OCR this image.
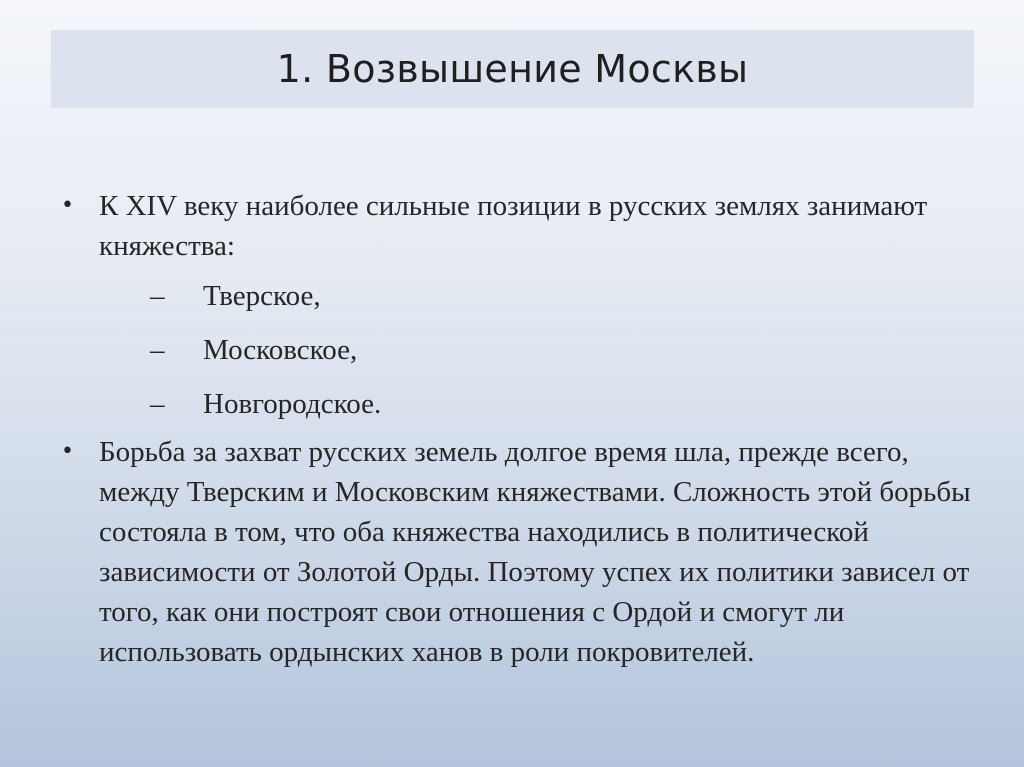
1. Возвышение Москвы
• К XIV веку наиболее сильные позиции в русских землях занимают княжества:
– Тверское,
– Московское,
– Новгородское.
• Борьба за захват русских земель долгое время шла, прежде всего, между Тверским и Московским княжествами. Сложность этой борьбы состояла в том, что оба княжества находились в политической зависимости от Золотой Орды. Поэтому успех их политики зависел от того, как они построят свои отношения с Ордой и смогут ли использовать ордынских ханов в роли покровителей.
